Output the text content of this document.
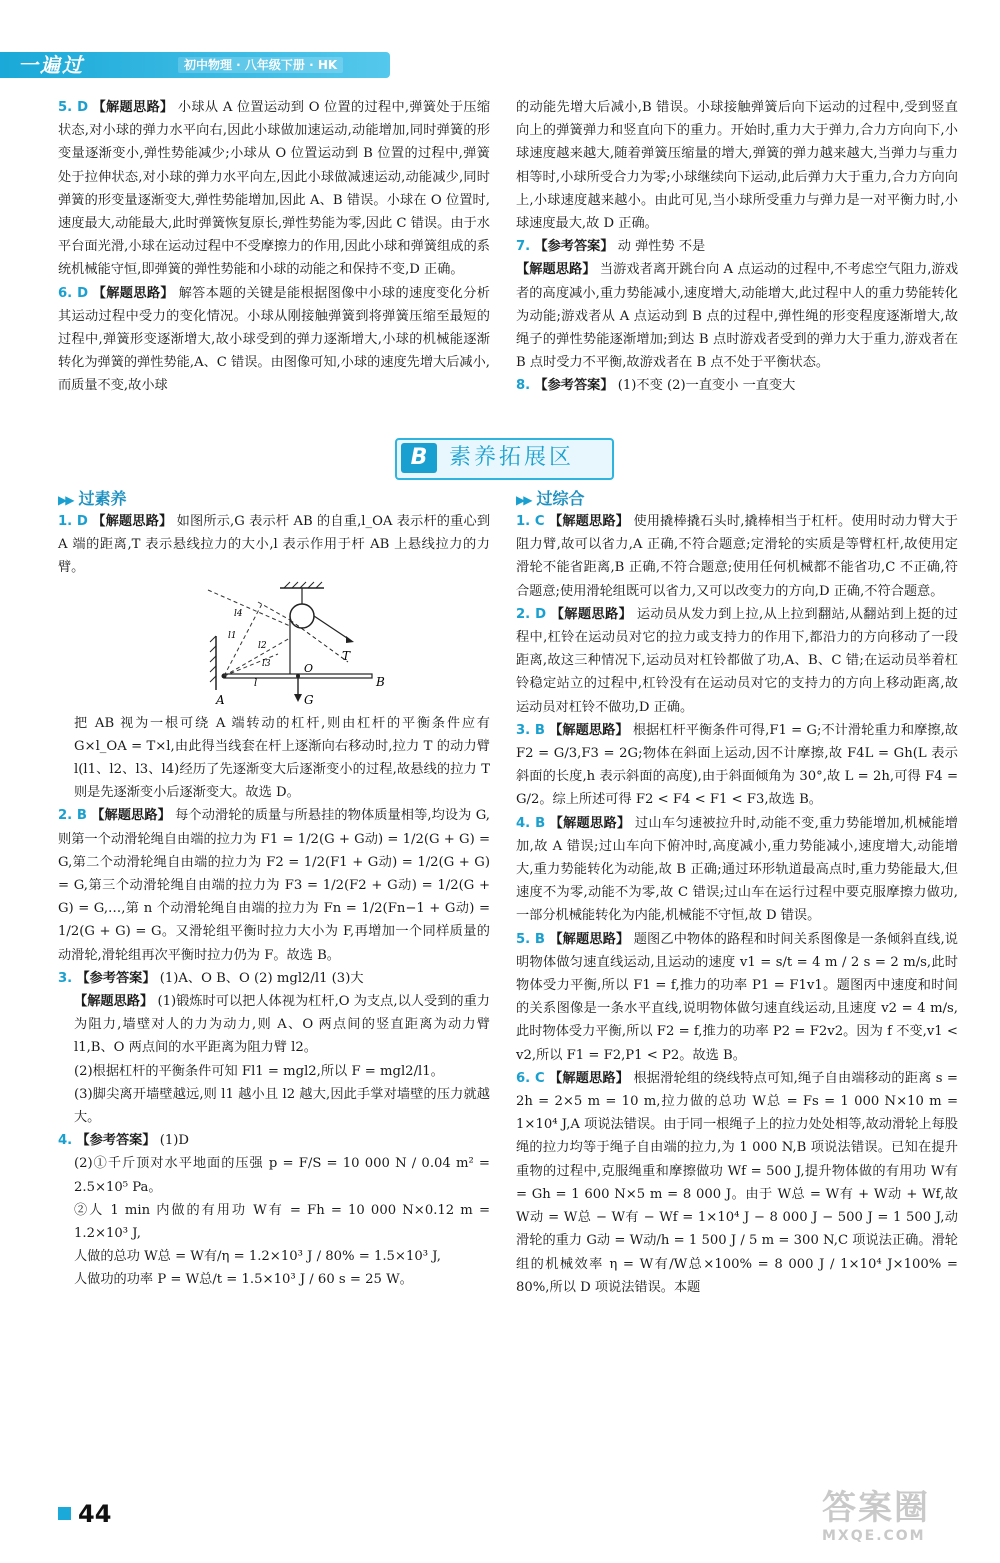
一遍过	初中物理 · 八年级下册 · HK

5. D 【解题思路】 小球从 A 位置运动到 O 位置的过程中,弹簧处于压缩状态,对小球的弹力水平向右,因此小球做加速运动,动能增加,同时弹簧的形变量逐渐变小,弹性势能减少;小球从 O 位置运动到 B 位置的过程中,弹簧处于拉伸状态,对小球的弹力水平向左,因此小球做减速运动,动能减少,同时弹簧的形变量逐渐变大,弹性势能增加,因此 A、B 错误。小球在 O 位置时,速度最大,动能最大,此时弹簧恢复原长,弹性势能为零,因此 C 错误。由于水平台面光滑,小球在运动过程中不受摩擦力的作用,因此小球和弹簧组成的系统机械能守恒,即弹簧的弹性势能和小球的动能之和保持不变,D 正确。

6. D 【解题思路】 解答本题的关键是能根据图像中小球的速度变化分析其运动过程中受力的变化情况。小球从刚接触弹簧到将弹簧压缩至最短的过程中,弹簧形变逐渐增大,故小球受到的弹力逐渐增大,小球的机械能逐渐转化为弹簧的弹性势能,A、C 错误。由图像可知,小球的速度先增大后减小,而质量不变,故小球

的动能先增大后减小,B 错误。小球接触弹簧后向下运动的过程中,受到竖直向上的弹簧弹力和竖直向下的重力。开始时,重力大于弹力,合力方向向下,小球速度越来越大,随着弹簧压缩量的增大,弹簧的弹力越来越大,当弹力与重力相等时,小球所受合力为零;小球继续向下运动,此后弹力大于重力,合力方向向上,小球速度越来越小。由此可见,当小球所受重力与弹力是一对平衡力时,小球速度最大,故 D 正确。

7. 【参考答案】 动 弹性势 不是
【解题思路】 当游戏者离开跳台向 A 点运动的过程中,不考虑空气阻力,游戏者的高度减小,重力势能减小,速度增大,动能增大,此过程中人的重力势能转化为动能;游戏者从 A 点运动到 B 点的过程中,弹性绳的形变程度逐渐增大,故绳子的弹性势能逐渐增加;到达 B 点时游戏者受到的弹力大于重力,游戏者在 B 点时受力不平衡,故游戏者在 B 点不处于平衡状态。

8. 【参考答案】 (1)不变 (2)一直变小 一直变大

B 素养拓展区
▶▶ 过素养	▶▶ 过综合

1. D 【解题思路】 如图所示,G 表示杆 AB 的自重,l_OA 表示杆的重心到 A 端的距离,T 表示悬线拉力的大小,l 表示作用于杆 AB 上悬线拉力的力臂。

A
B
O
T
G
l
l1
l2
l3
l4

把 AB 视为一根可绕 A 端转动的杠杆,则由杠杆的平衡条件应有 G×l_OA = T×l,由此得当线套在杆上逐渐向右移动时,拉力 T 的动力臂 l(l1、l2、l3、l4)经历了先逐渐变大后逐渐变小的过程,故悬线的拉力 T 则是先逐渐变小后逐渐变大。故选 D。

2. B 【解题思路】 每个动滑轮的质量与所悬挂的物体质量相等,均设为 G,则第一个动滑轮绳自由端的拉力为 F1 = 1/2(G + G动) = 1/2(G + G) = G,第二个动滑轮绳自由端的拉力为 F2 = 1/2(F1 + G动) = 1/2(G + G) = G,第三个动滑轮绳自由端的拉力为 F3 = 1/2(F2 + G动) = 1/2(G + G) = G,…,第 n 个动滑轮绳自由端的拉力为 Fn = 1/2(Fn−1 + G动) = 1/2(G + G) = G。又滑轮组平衡时拉力大小为 F,再增加一个同样质量的动滑轮,滑轮组再次平衡时拉力仍为 F。故选 B。

3. 【参考答案】 (1)A、O B、O (2) mgl2/l1 (3)大

【解题思路】 (1)锻炼时可以把人体视为杠杆,O 为支点,以人受到的重力为阻力,墙壁对人的力为动力,则 A、O 两点间的竖直距离为动力臂 l1,B、O 两点间的水平距离为阻力臂 l2。

(2)根据杠杆的平衡条件可知 Fl1 = mgl2,所以 F = mgl2/l1。

(3)脚尖离开墙壁越远,则 l1 越小且 l2 越大,因此手掌对墙壁的压力就越大。

4. 【参考答案】 (1)D

(2)①千斤顶对水平地面的压强 p = F/S = 10 000 N / 0.04 m² = 2.5×10⁵ Pa。

②人 1 min 内做的有用功 W有 = Fh = 10 000 N×0.12 m = 1.2×10³ J,

人做的总功 W总 = W有/η = 1.2×10³ J / 80% = 1.5×10³ J,

人做功的功率 P = W总/t = 1.5×10³ J / 60 s = 25 W。

1. C 【解题思路】 使用撬棒撬石头时,撬棒相当于杠杆。使用时动力臂大于阻力臂,故可以省力,A 正确,不符合题意;定滑轮的实质是等臂杠杆,故使用定滑轮不能省距离,B 正确,不符合题意;使用任何机械都不能省功,C 不正确,符合题意;使用滑轮组既可以省力,又可以改变力的方向,D 正确,不符合题意。

2. D 【解题思路】 运动员从发力到上拉,从上拉到翻站,从翻站到上挺的过程中,杠铃在运动员对它的拉力或支持力的作用下,都沿力的方向移动了一段距离,故这三种情况下,运动员对杠铃都做了功,A、B、C 错;在运动员举着杠铃稳定站立的过程中,杠铃没有在运动员对它的支持力的方向上移动距离,故运动员对杠铃不做功,D 正确。

3. B 【解题思路】 根据杠杆平衡条件可得,F1 = G;不计滑轮重力和摩擦,故 F2 = G/3,F3 = 2G;物体在斜面上运动,因不计摩擦,故 F4L = Gh(L 表示斜面的长度,h 表示斜面的高度),由于斜面倾角为 30°,故 L = 2h,可得 F4 = G/2。综上所述可得 F2 < F4 < F1 < F3,故选 B。

4. B 【解题思路】 过山车匀速被拉升时,动能不变,重力势能增加,机械能增加,故 A 错误;过山车向下俯冲时,高度减小,重力势能减小,速度增大,动能增大,重力势能转化为动能,故 B 正确;通过环形轨道最高点时,重力势能最大,但速度不为零,动能不为零,故 C 错误;过山车在运行过程中要克服摩擦力做功,一部分机械能转化为内能,机械能不守恒,故 D 错误。

5. B 【解题思路】 题图乙中物体的路程和时间关系图像是一条倾斜直线,说明物体做匀速直线运动,且运动的速度 v1 = s/t = 4 m / 2 s = 2 m/s,此时物体受力平衡,所以 F1 = f,推力的功率 P1 = F1v1。题图丙中速度和时间的关系图像是一条水平直线,说明物体做匀速直线运动,且速度 v2 = 4 m/s,此时物体受力平衡,所以 F2 = f,推力的功率 P2 = F2v2。因为 f 不变,v1 < v2,所以 F1 = F2,P1 < P2。故选 B。

6. C 【解题思路】 根据滑轮组的绕线特点可知,绳子自由端移动的距离 s = 2h = 2×5 m = 10 m,拉力做的总功 W总 = Fs = 1 000 N×10 m = 1×10⁴ J,A 项说法错误。由于同一根绳子上的拉力处处相等,故动滑轮上每股绳的拉力均等于绳子自由端的拉力,为 1 000 N,B 项说法错误。已知在提升重物的过程中,克服绳重和摩擦做功 Wf = 500 J,提升物体做的有用功 W有 = Gh = 1 600 N×5 m = 8 000 J。由于 W总 = W有 + W动 + Wf,故 W动 = W总 − W有 − Wf = 1×10⁴ J − 8 000 J − 500 J = 1 500 J,动滑轮的重力 G动 = W动/h = 1 500 J / 5 m = 300 N,C 项说法正确。滑轮组的机械效率 η = W有/W总×100% = 8 000 J / 1×10⁴ J×100% = 80%,所以 D 项说法错误。本题

44	答案圈
MXQE.COM
